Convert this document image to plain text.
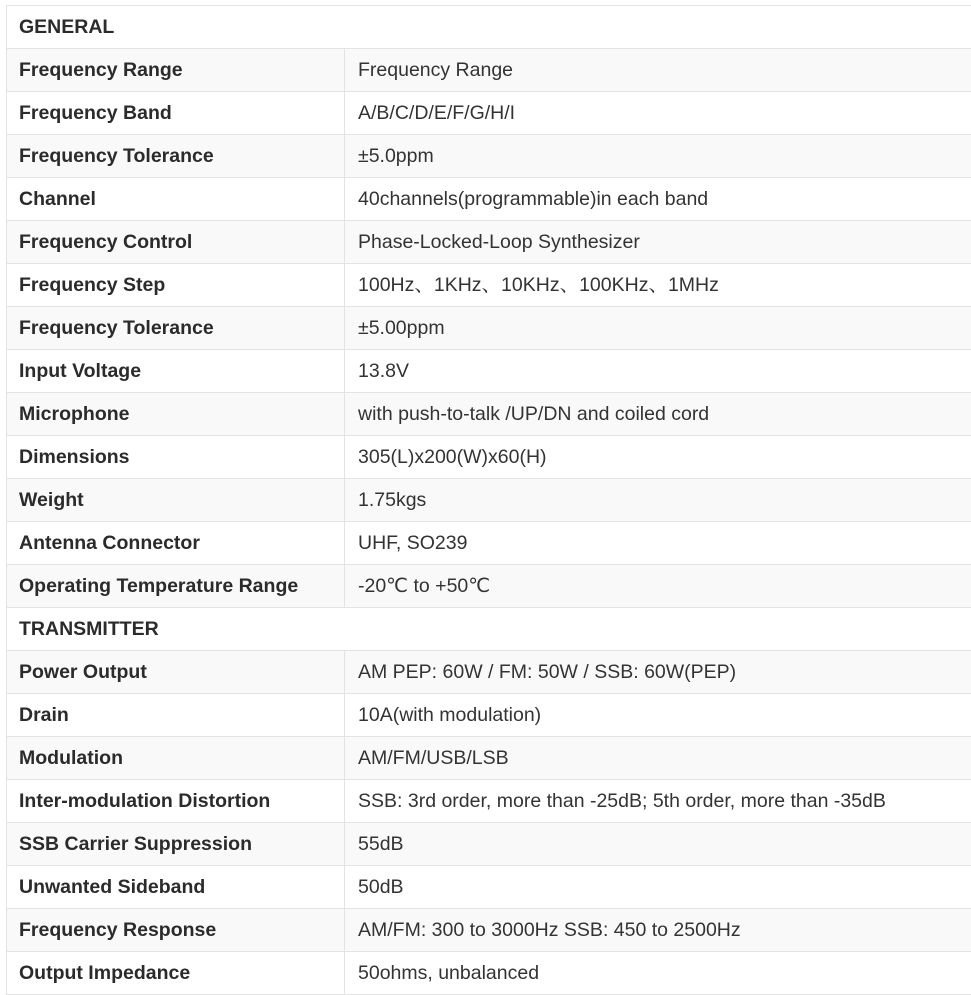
GENERAL	
Frequency Range	Frequency Range
Frequency Band	A/B/C/D/E/F/G/H/I
Frequency Tolerance	±5.0ppm
Channel	40channels(programmable)in each band
Frequency Control	Phase-Locked-Loop Synthesizer
Frequency Step	100Hz、1KHz、10KHz、100KHz、1MHz
Frequency Tolerance	±5.00ppm
Input Voltage	13.8V
Microphone	with push-to-talk /UP/DN and coiled cord
Dimensions	305(L)x200(W)x60(H)
Weight	1.75kgs
Antenna Connector	UHF, SO239
Operating Temperature Range	-20℃ to +50℃
TRANSMITTER	
Power Output	AM PEP: 60W / FM: 50W / SSB: 60W(PEP)
Drain	10A(with modulation)
Modulation	AM/FM/USB/LSB
Inter-modulation Distortion	SSB: 3rd order, more than -25dB; 5th order, more than -35dB
SSB Carrier Suppression	55dB
Unwanted Sideband	50dB
Frequency Response	AM/FM: 300 to 3000Hz SSB: 450 to 2500Hz
Output Impedance	50ohms, unbalanced
